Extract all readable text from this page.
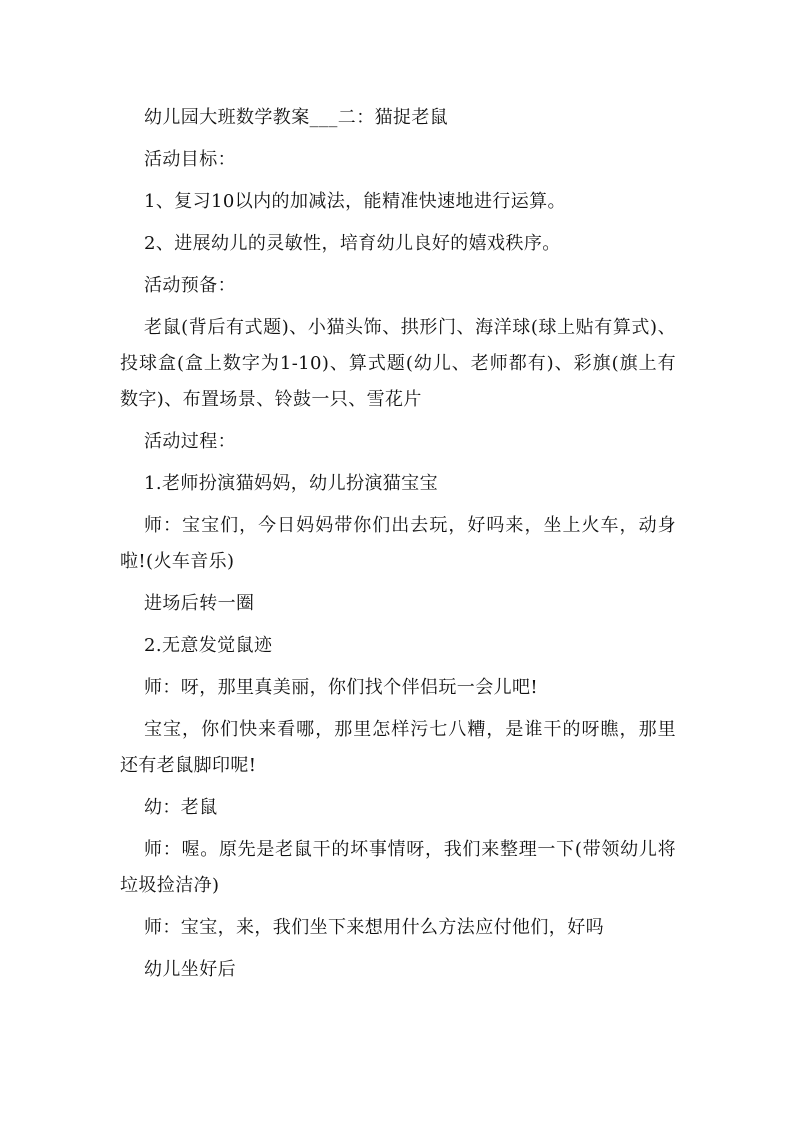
幼儿园大班数学教案___二：猫捉老鼠

活动目标：

1、复习10以内的加减法，能精准快速地进行运算。

2、进展幼儿的灵敏性，培育幼儿良好的嬉戏秩序。

活动预备：

老鼠(背后有式题)、小猫头饰、拱形门、海洋球(球上贴有算式)、投球盒(盒上数字为1-10)、算式题(幼儿、老师都有)、彩旗(旗上有数字)、布置场景、铃鼓一只、雪花片

活动过程：

1.老师扮演猫妈妈，幼儿扮演猫宝宝

师：宝宝们，今日妈妈带你们出去玩，好吗来，坐上火车，动身啦!(火车音乐)

进场后转一圈

2.无意发觉鼠迹

师：呀，那里真美丽，你们找个伴侣玩一会儿吧!

宝宝，你们快来看哪，那里怎样污七八糟，是谁干的呀瞧，那里还有老鼠脚印呢!

幼：老鼠

师：喔。原先是老鼠干的坏事情呀，我们来整理一下(带领幼儿将垃圾捡洁净)

师：宝宝，来，我们坐下来想用什么方法应付他们，好吗

幼儿坐好后
